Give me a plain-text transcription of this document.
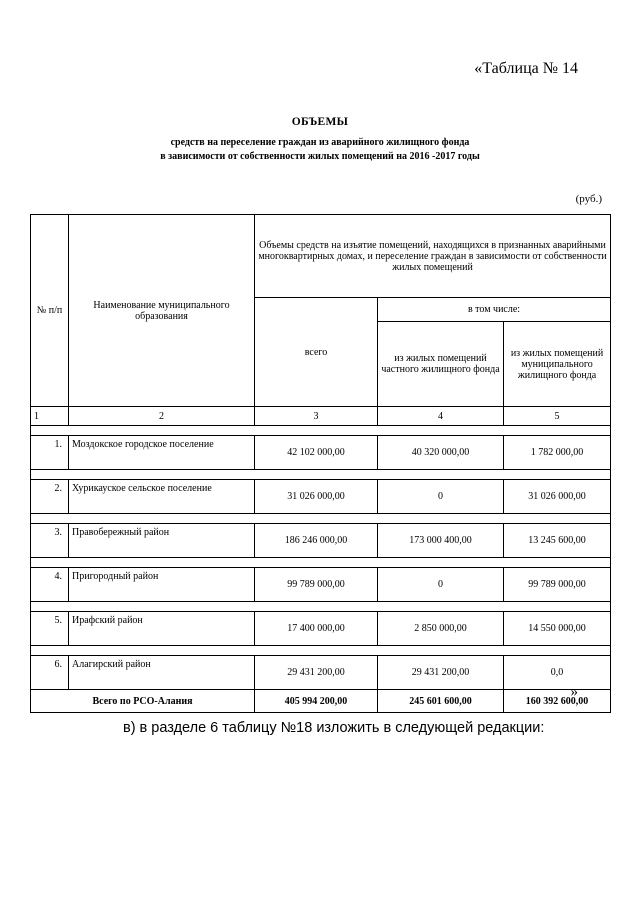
«Таблица № 14
ОБЪЕМЫ
средств на переселение граждан из аварийного жилищного фонда
в зависимости от собственности жилых помещений на 2016 -2017 годы
(руб.)
№ п/п	Наименование муниципального образования	Объемы средств на изъятие помещений, находящихся в признанных аварийными многоквартирных домах, и переселение граждан в зависимости от собственности жилых помещений		
		всего	в том числе:	
			из жилых помещений частного жилищного фонда	из жилых помещений муниципального жилищного фонда
1	2	3	4	5

1.	Моздокское городское поселение	42 102 000,00	40 320 000,00	1 782 000,00

2.	Хурикауское сельское поселение	31 026 000,00	0	31 026 000,00

3.	Правобережный район	186 246 000,00	173 000 400,00	13 245 600,00

4.	Пригородный район	99 789 000,00	0	99 789 000,00

5.	Ирафский район	17 400 000,00	2 850 000,00	14 550 000,00

6.	Алагирский район	29 431 200,00	29 431 200,00	0,0
Всего по РСО-Алания		405 994 200,00	245 601 600,00	160 392 600,00
»
в) в разделе 6 таблицу №18 изложить в следующей редакции:
